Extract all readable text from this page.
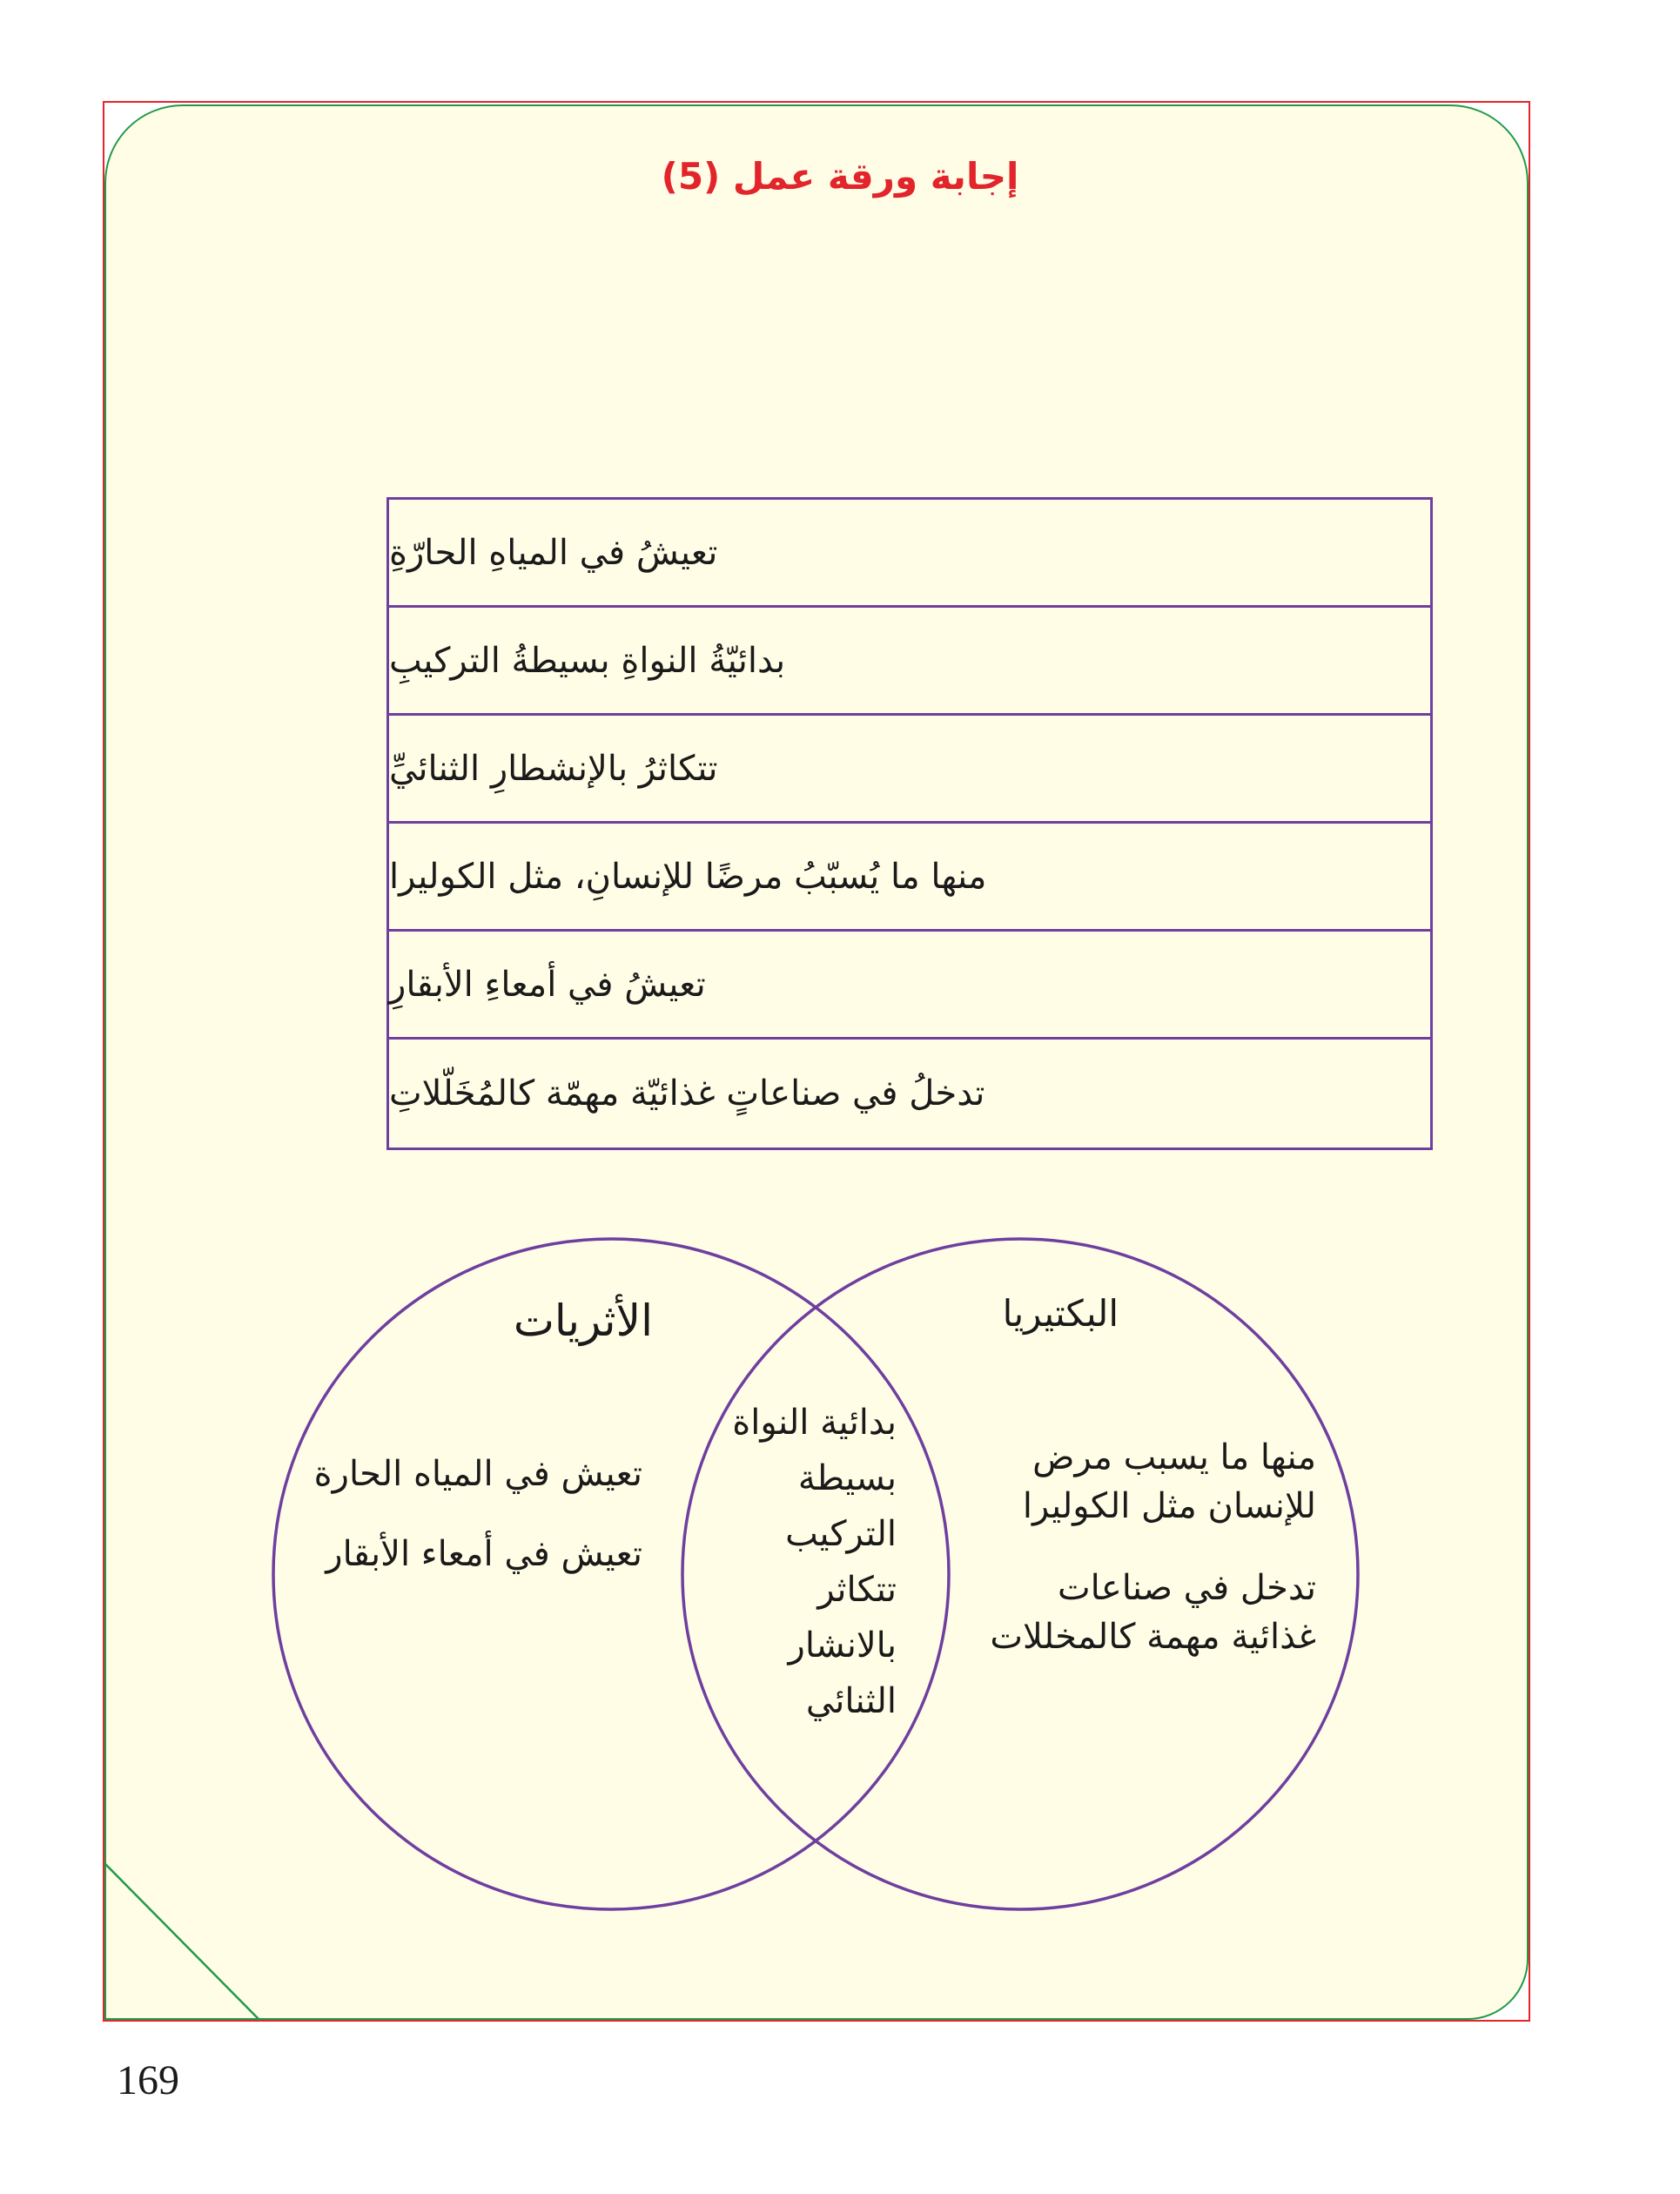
إجابة ورقة عمل (5)
تعيشُ في المياهِ الحارّةِ
بدائيّةُ النواةِ بسيطةُ التركيبِ
تتكاثرُ بالإنشطارِ الثنائيِّ
منها ما يُسبّبُ مرضًا للإنسانِ، مثل الكوليرا
تعيشُ في أمعاءِ الأبقارِ
تدخلُ في صناعاتٍ غذائيّة مهمّة كالمُخَلّلاتِ
الأثريات	البكتيريا
تعيش في المياه الحارة
تعيش في أمعاء الأبقار
بدائية النواة
بسيطة
التركيب
تتكاثر
بالانشار
الثنائي
منها ما يسبب مرض
للإنسان مثل الكوليرا
تدخل في صناعات
غذائية مهمة كالمخللات
169
